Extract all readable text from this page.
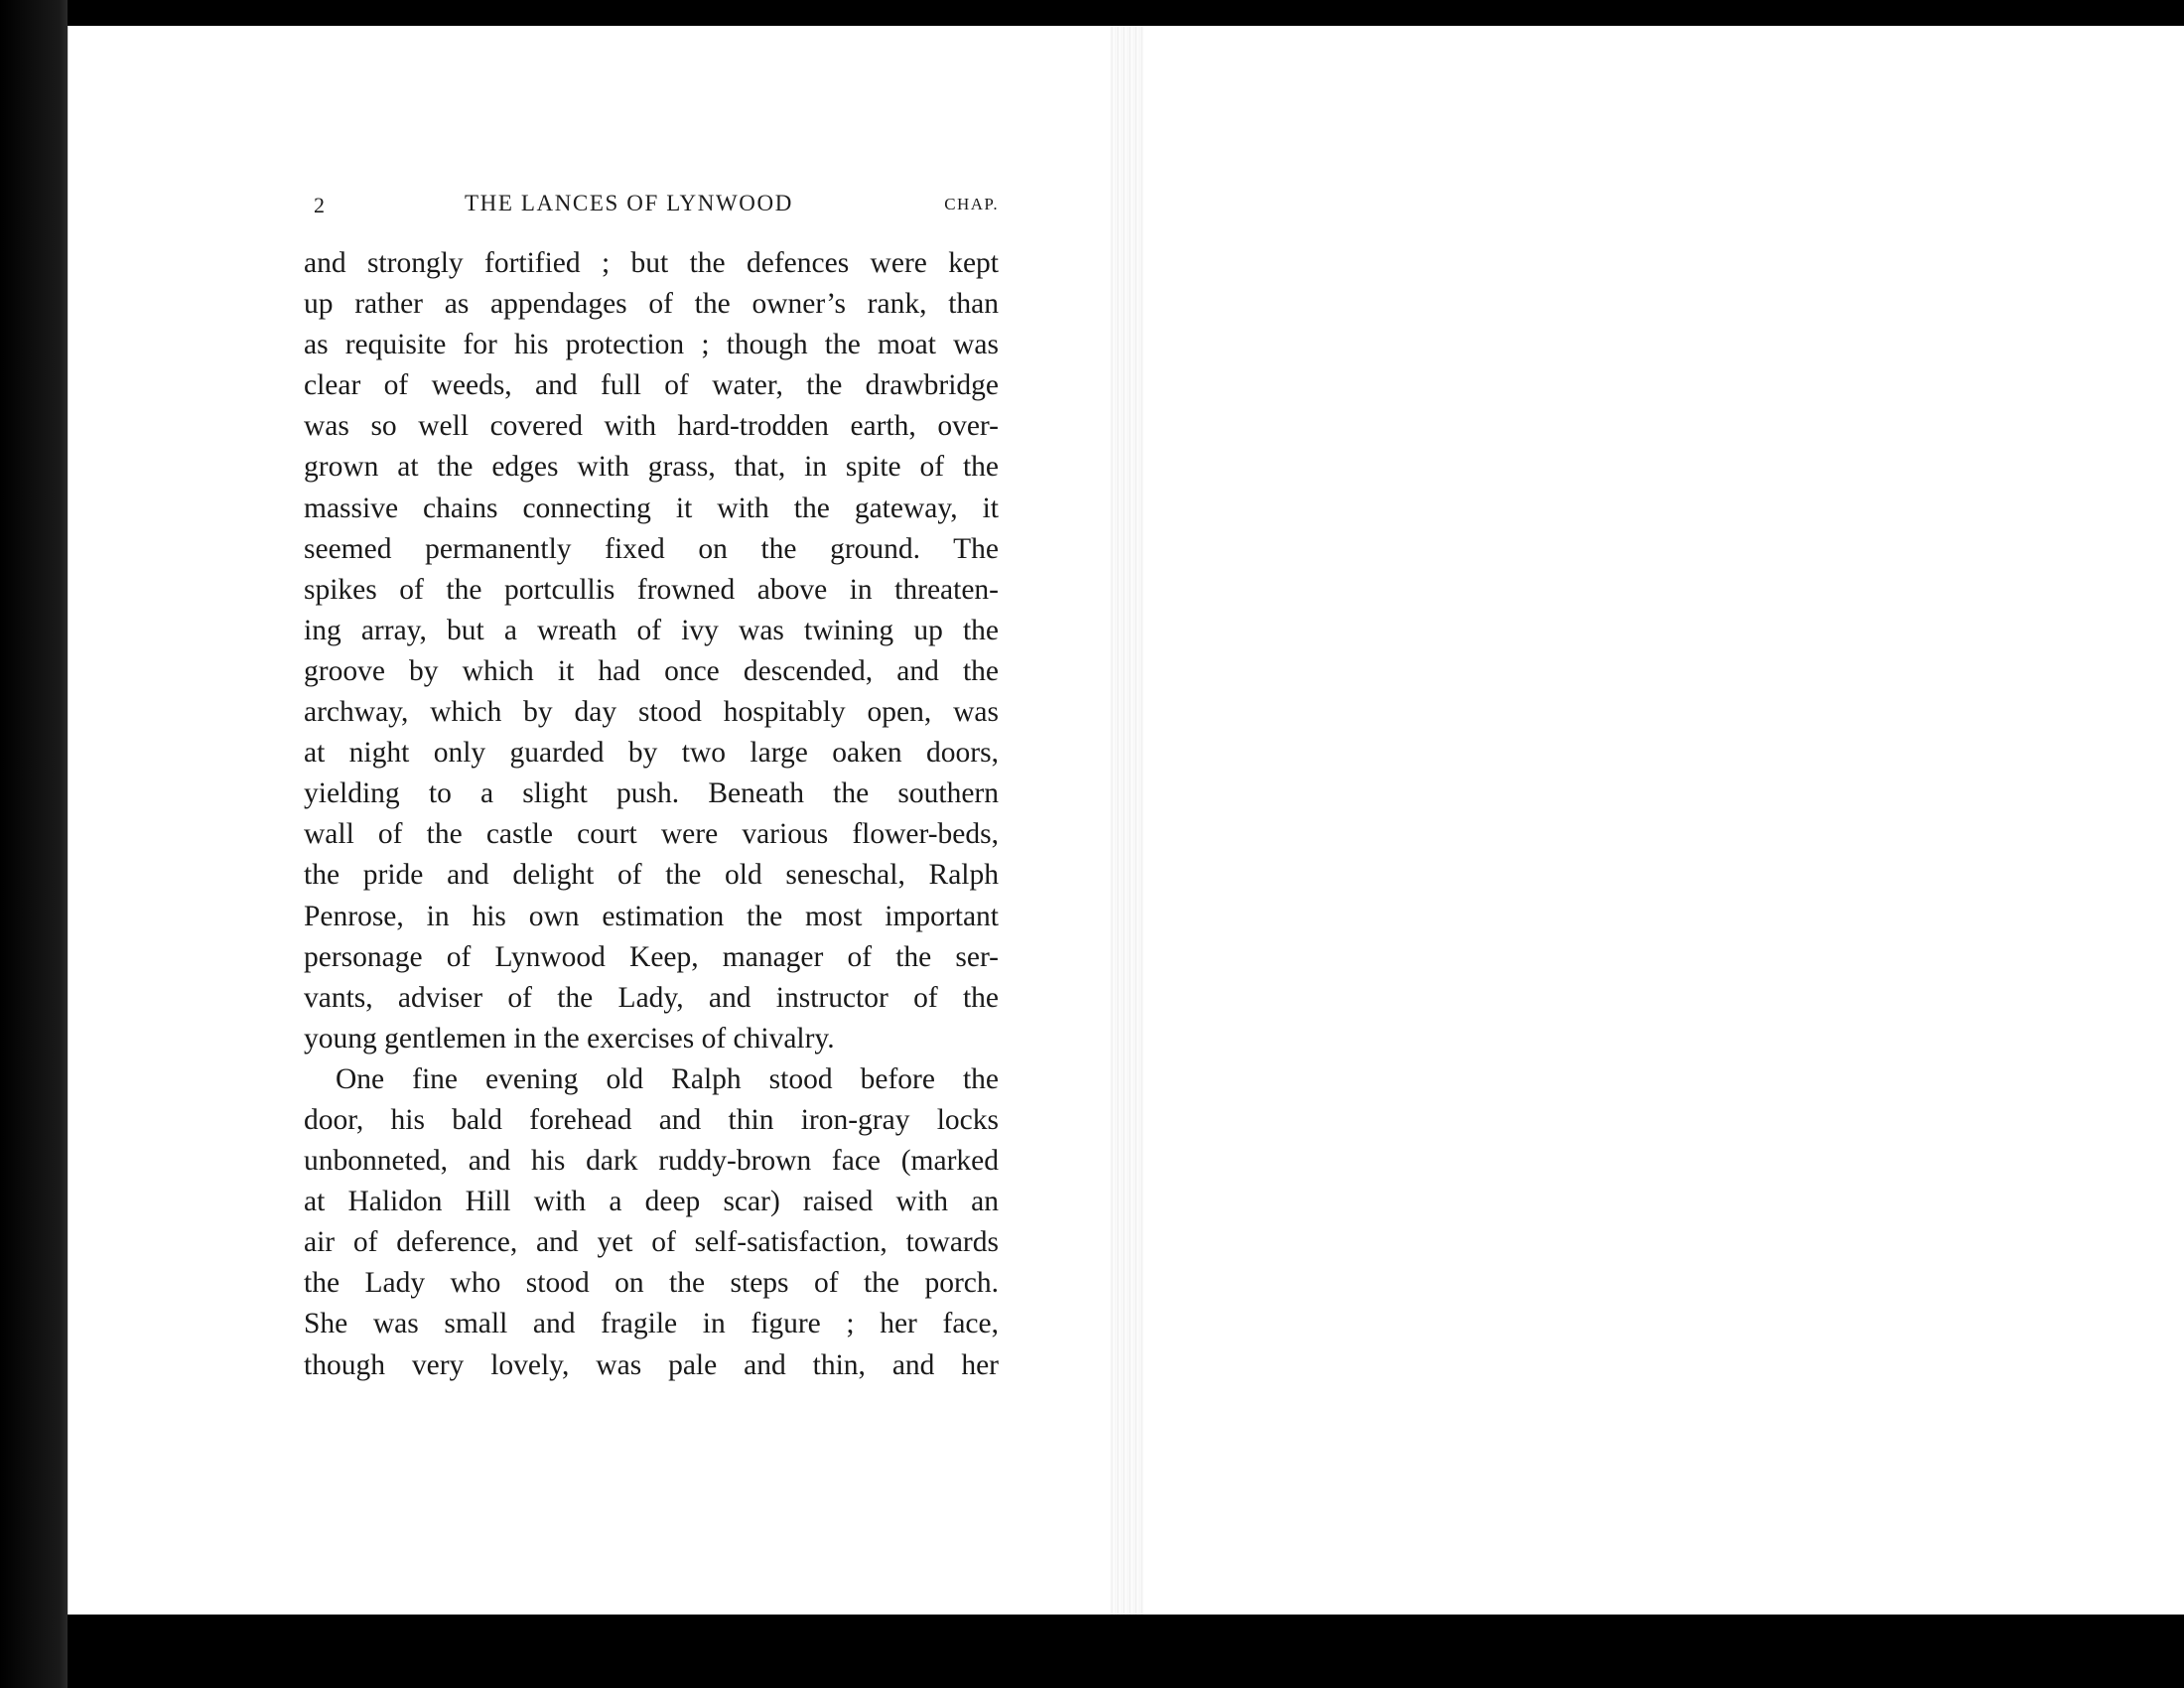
2	THE LANCES OF LYNWOOD	CHAP.
and strongly fortified ; but the defences were kept
up rather as appendages of the owner’s rank, than
as requisite for his protection ; though the moat was
clear of weeds, and full of water, the drawbridge
was so well covered with hard-trodden earth, over-
grown at the edges with grass, that, in spite of the
massive chains connecting it with the gateway, it
seemed permanently fixed on the ground. The
spikes of the portcullis frowned above in threaten-
ing array, but a wreath of ivy was twining up the
groove by which it had once descended, and the
archway, which by day stood hospitably open, was
at night only guarded by two large oaken doors,
yielding to a slight push. Beneath the southern
wall of the castle court were various flower-beds,
the pride and delight of the old seneschal, Ralph
Penrose, in his own estimation the most important
personage of Lynwood Keep, manager of the ser-
vants, adviser of the Lady, and instructor of the
young gentlemen in the exercises of chivalry.
One fine evening old Ralph stood before the
door, his bald forehead and thin iron-gray locks
unbonneted, and his dark ruddy-brown face (marked
at Halidon Hill with a deep scar) raised with an
air of deference, and yet of self-satisfaction, towards
the Lady who stood on the steps of the porch.
She was small and fragile in figure ; her face,
though very lovely, was pale and thin, and her
